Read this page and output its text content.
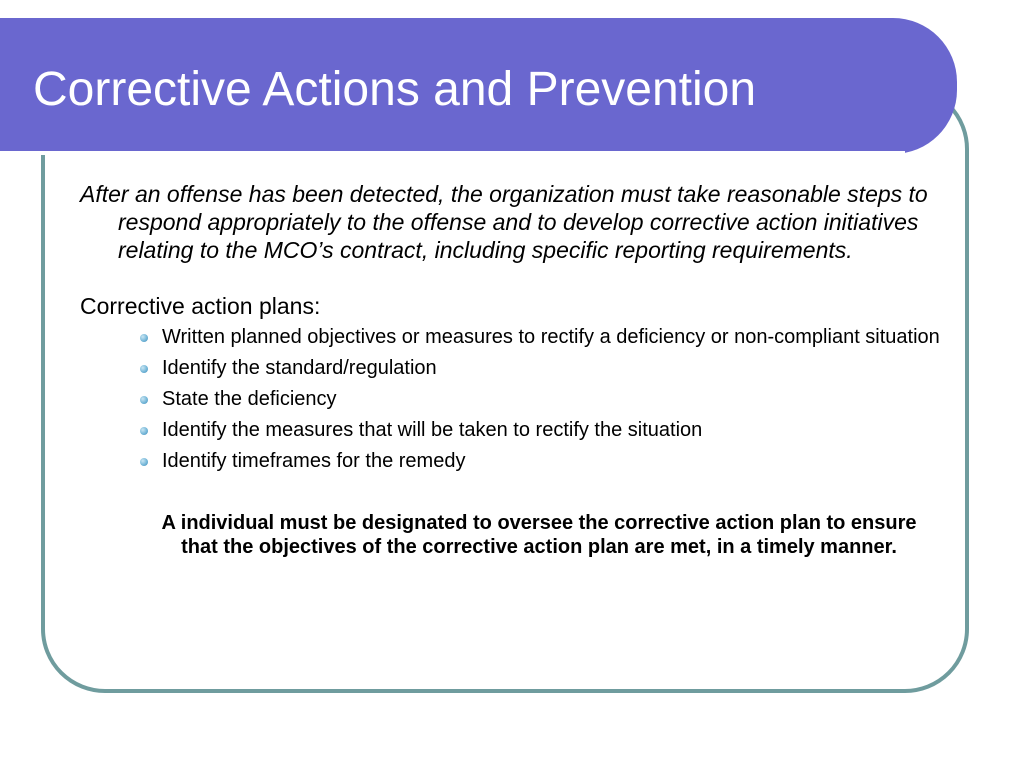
Corrective Actions and Prevention

After an offense has been detected, the organization must take reasonable steps to respond appropriately to the offense and to develop corrective action initiatives relating to the MCO’s contract, including specific reporting requirements.

Corrective action plans:
Written planned objectives or measures to rectify a deficiency or non-compliant situation
Identify the standard/regulation
State the deficiency
Identify the measures that will be taken to rectify the situation
Identify timeframes for the remedy

A individual must be designated to oversee the corrective action plan to ensure that the objectives of the corrective action plan are met, in a timely manner.
